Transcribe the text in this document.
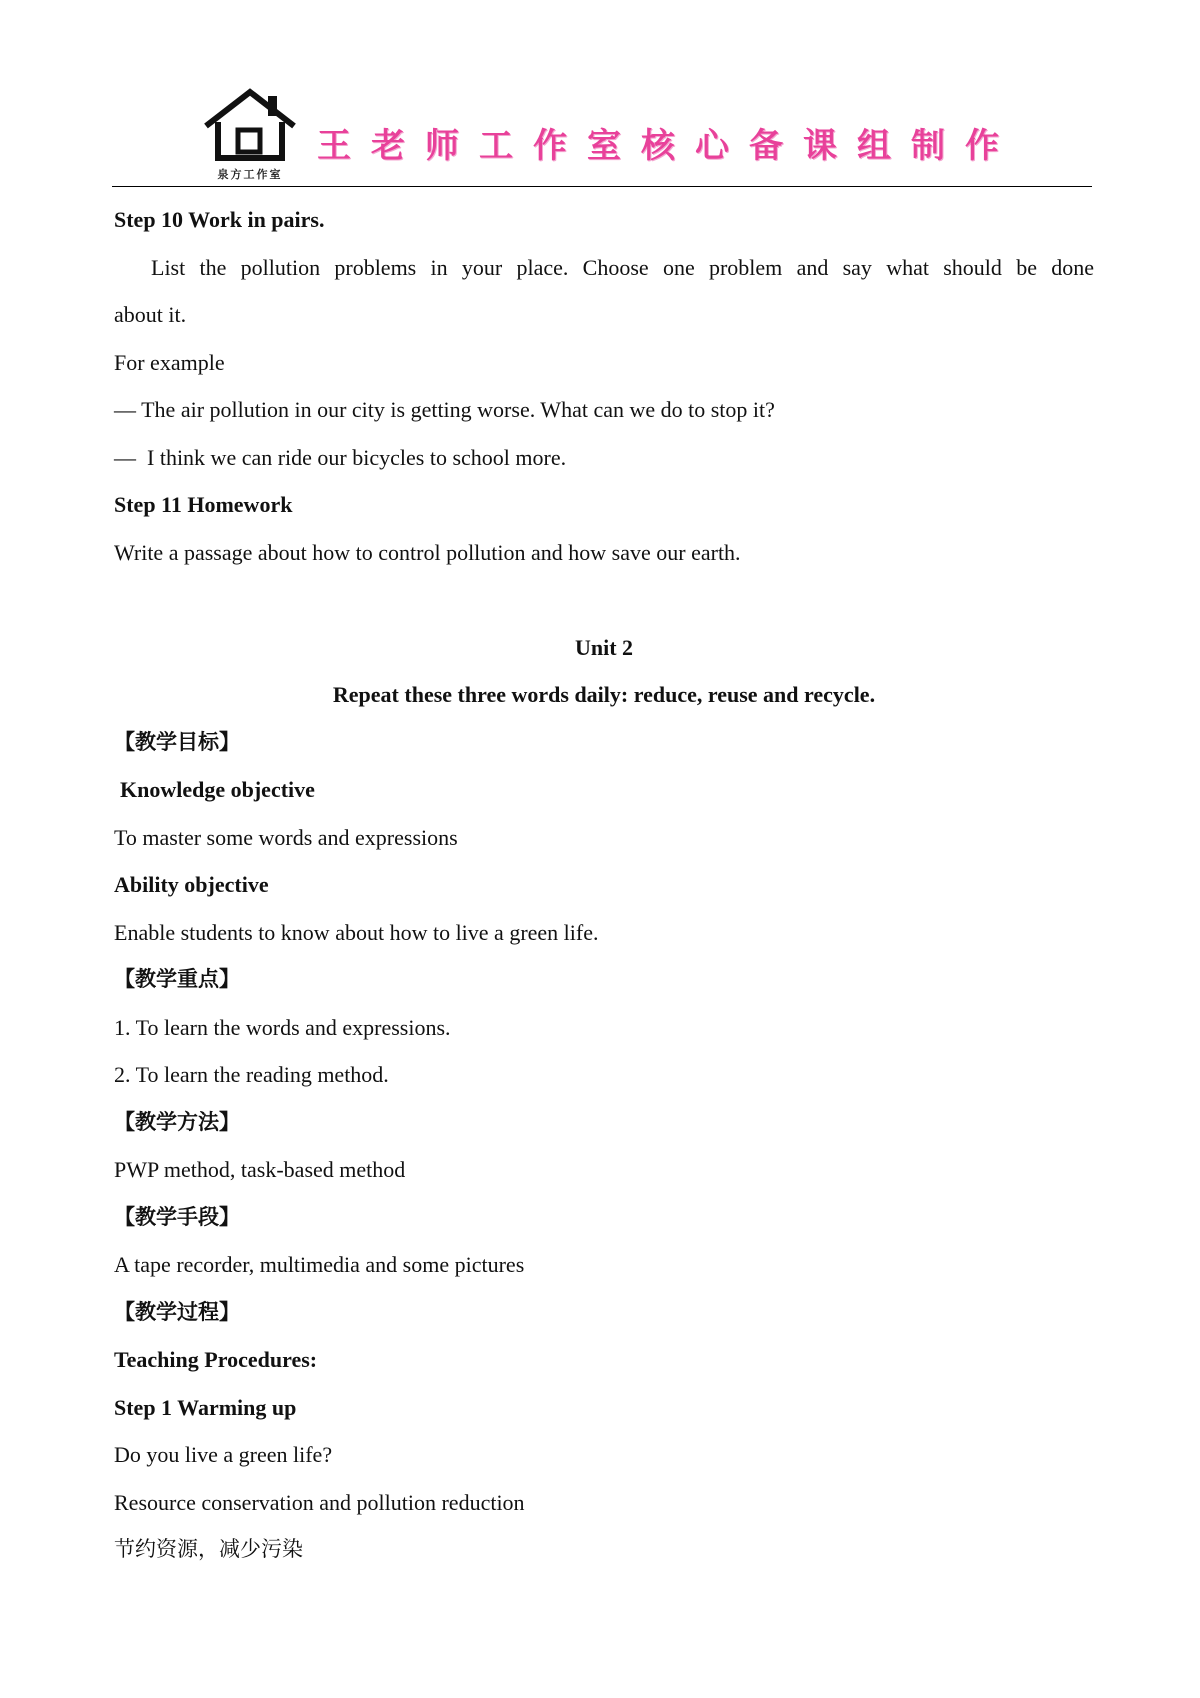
泉方工作室
王老师工作室核心备课组制作
Step 10 Work in pairs.
List the pollution problems in your place. Choose one problem and say what should be done
about it.
For example
— The air pollution in our city is getting worse. What can we do to stop it?
— I think we can ride our bicycles to school more.
Step 11 Homework
Write a passage about how to control pollution and how save our earth.
Unit 2
Repeat these three words daily: reduce, reuse and recycle.
【教学目标】
Knowledge objective
To master some words and expressions
Ability objective
Enable students to know about how to live a green life.
【教学重点】
1. To learn the words and expressions.
2. To learn the reading method.
【教学方法】
PWP method, task-based method
【教学手段】
A tape recorder, multimedia and some pictures
【教学过程】
Teaching Procedures:
Step 1 Warming up
Do you live a green life?
Resource conservation and pollution reduction
节约资源，减少污染
